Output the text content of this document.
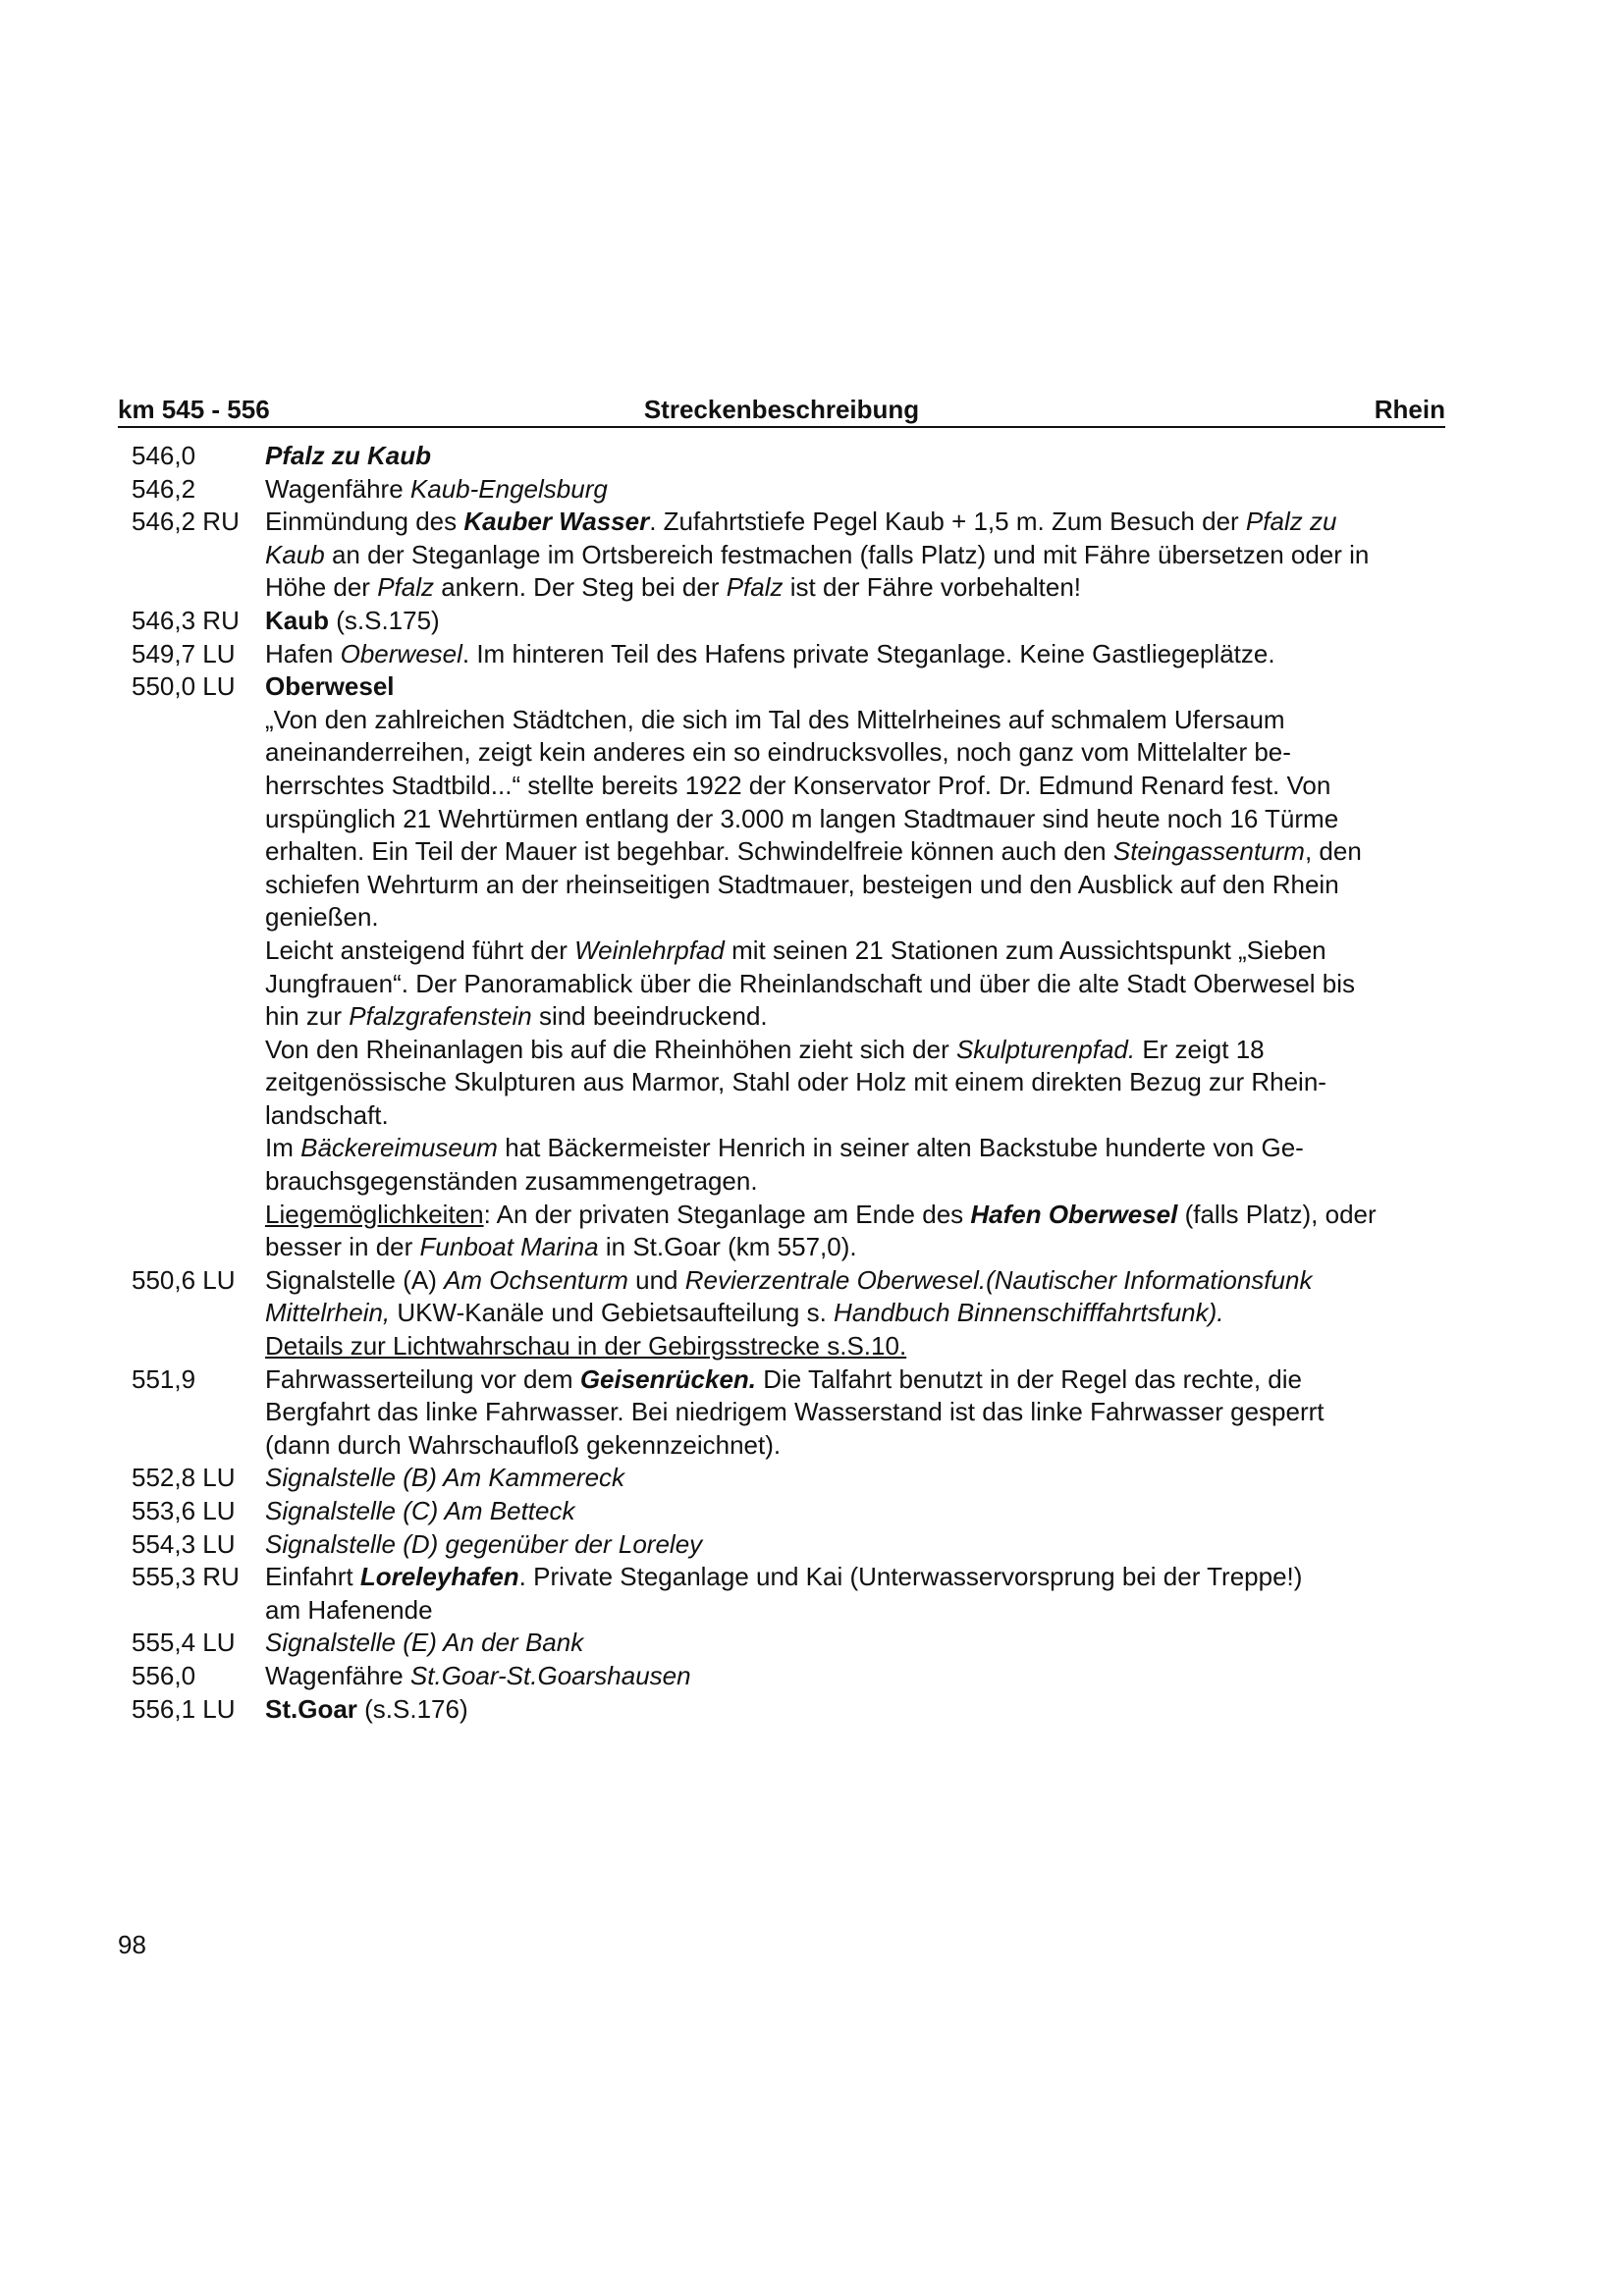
km 545 - 556	Streckenbeschreibung	Rhein
546,0	Pfalz zu Kaub

546,2	Wagenfähre Kaub-Engelsburg

546,2 RU	Einmündung des Kauber Wasser. Zufahrtstiefe Pegel Kaub + 1,5 m. Zum Besuch der Pfalz zu

Kaub an der Steganlage im Ortsbereich festmachen (falls Platz) und mit Fähre übersetzen oder in

Höhe der Pfalz ankern. Der Steg bei der Pfalz ist der Fähre vorbehalten!

546,3 RU	Kaub (s.S.175)

549,7 LU	Hafen Oberwesel. Im hinteren Teil des Hafens private Steganlage. Keine Gastliegeplätze.

550,0 LU	Oberwesel

„Von den zahlreichen Städtchen, die sich im Tal des Mittelrheines auf schmalem Ufersaum

aneinanderreihen, zeigt kein anderes ein so eindrucksvolles, noch ganz vom Mittelalter be-

herrschtes Stadtbild...“ stellte bereits 1922 der Konservator Prof. Dr. Edmund Renard fest. Von

urspünglich 21 Wehrtürmen entlang der 3.000 m langen Stadtmauer sind heute noch 16 Türme

erhalten. Ein Teil der Mauer ist begehbar. Schwindelfreie können auch den Steingassenturm, den

schiefen Wehrturm an der rheinseitigen Stadtmauer, besteigen und den Ausblick auf den Rhein

genießen.

Leicht ansteigend führt der Weinlehrpfad mit seinen 21 Stationen zum Aussichtspunkt „Sieben

Jungfrauen“. Der Panoramablick über die Rheinlandschaft und über die alte Stadt Oberwesel bis

hin zur Pfalzgrafenstein sind beeindruckend.

Von den Rheinanlagen bis auf die Rheinhöhen zieht sich der Skulpturenpfad. Er zeigt 18

zeitgenössische Skulpturen aus Marmor, Stahl oder Holz mit einem direkten Bezug zur Rhein-

landschaft.

Im Bäckereimuseum hat Bäckermeister Henrich in seiner alten Backstube hunderte von Ge-

brauchsgegenständen zusammengetragen.

Liegemöglichkeiten: An der privaten Steganlage am Ende des Hafen Oberwesel (falls Platz), oder

besser in der Funboat Marina in St.Goar (km 557,0).

550,6 LU	Signalstelle (A) Am Ochsenturm und Revierzentrale Oberwesel.(Nautischer Informationsfunk

Mittelrhein, UKW-Kanäle und Gebietsaufteilung s. Handbuch Binnenschifffahrtsfunk).

Details zur Lichtwahrschau in der Gebirgsstrecke s.S.10.

551,9	Fahrwasserteilung vor dem Geisenrücken. Die Talfahrt benutzt in der Regel das rechte, die

Bergfahrt das linke Fahrwasser. Bei niedrigem Wasserstand ist das linke Fahrwasser gesperrt

(dann durch Wahrschaufloß gekennzeichnet).

552,8 LU	Signalstelle (B) Am Kammereck

553,6 LU	Signalstelle (C) Am Betteck

554,3 LU	Signalstelle (D) gegenüber der Loreley

555,3 RU	Einfahrt Loreleyhafen. Private Steganlage und Kai (Unterwasservorsprung bei der Treppe!)

am Hafenende

555,4 LU	Signalstelle (E) An der Bank

556,0	Wagenfähre St.Goar-St.Goarshausen

556,1 LU	St.Goar (s.S.176)

98
